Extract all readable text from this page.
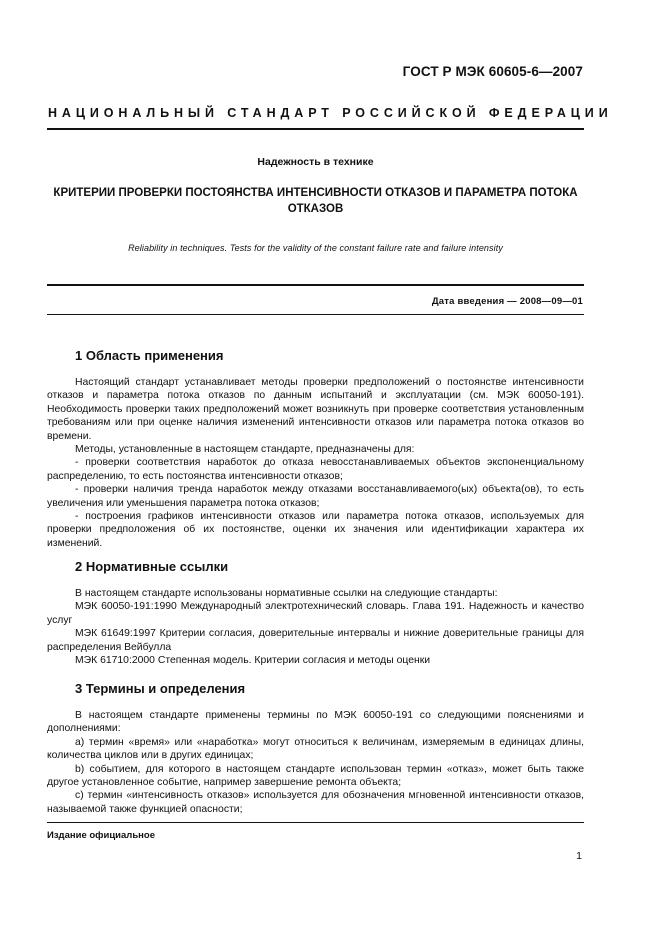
ГОСТ Р МЭК 60605-6—2007
НАЦИОНАЛЬНЫЙ СТАНДАРТ РОССИЙСКОЙ ФЕДЕРАЦИИ
Надежность в технике
КРИТЕРИИ ПРОВЕРКИ ПОСТОЯНСТВА ИНТЕНСИВНОСТИ ОТКАЗОВ И ПАРАМЕТРА ПОТОКА
ОТКАЗОВ
Reliability in techniques. Tests for the validity of the constant failure rate and failure intensity
Дата введения — 2008—09—01
1 Область применения

Настоящий стандарт устанавливает методы проверки предположений о постоянстве интенсивности отказов и параметра потока отказов по данным испытаний и эксплуатации (см. МЭК 60050-191). Необходимость проверки таких предположений может возникнуть при проверке соответствия установленным требованиям или при оценке наличия изменений интенсивности отказов или параметра потока отказов во времени.

Методы, установленные в настоящем стандарте, предназначены для:

- проверки соответствия наработок до отказа невосстанавливаемых объектов экспоненциальному распределению, то есть постоянства интенсивности отказов;

- проверки наличия тренда наработок между отказами восстанавливаемого(ых) объекта(ов), то есть увеличения или уменьшения параметра потока отказов;

- построения графиков интенсивности отказов или параметра потока отказов, используемых для проверки предположения об их постоянстве, оценки их значения или идентификации характера их изменений.

2 Нормативные ссылки

В настоящем стандарте использованы нормативные ссылки на следующие стандарты:

МЭК 60050-191:1990 Международный электротехнический словарь. Глава 191. Надежность и качество услуг

МЭК 61649:1997 Критерии согласия, доверительные интервалы и нижние доверительные границы для распределения Вейбулла

МЭК 61710:2000 Степенная модель. Критерии согласия и методы оценки

3 Термины и определения

В настоящем стандарте применены термины по МЭК 60050-191 со следующими пояснениями и дополнениями:

a) термин «время» или «наработка» могут относиться к величинам, измеряемым в единицах длины, количества циклов или в других единицах;

b) событием, для которого в настоящем стандарте использован термин «отказ», может быть также другое установленное событие, например завершение ремонта объекта;

c) термин «интенсивность отказов» используется для обозначения мгновенной интенсивности отказов, называемой также функцией опасности;

Издание официальное
1
